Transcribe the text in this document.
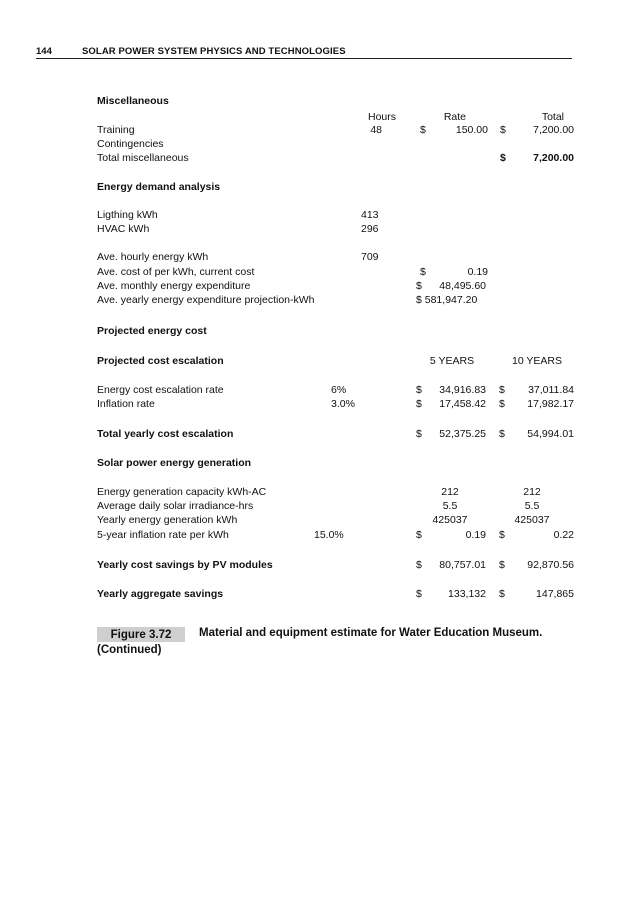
144	SOLAR POWER SYSTEM PHYSICS AND TECHNOLOGIES
Miscellaneous
Hours	Rate	Total
Training	48	$	150.00 $	7,200.00
Contingencies
Total miscellaneous	$	7,200.00
Energy demand analysis
Ligthing kWh	413
HVAC kWh	296
Ave. hourly energy kWh	709
Ave. cost of per kWh, current cost	$	0.19
Ave. monthly energy expenditure	$	48,495.60
Ave. yearly energy expenditure projection-kWh	$ 581,947.20
Projected energy cost
Projected cost escalation	5 YEARS	10 YEARS
Energy cost escalation rate	6%	$	34,916.83 $	37,011.84
Inflation rate	3.0%	$	17,458.42 $	17,982.17
Total yearly cost escalation	$	52,375.25 $	54,994.01
Solar power energy generation
Energy generation capacity kWh-AC	212	212
Average daily solar irradiance-hrs	5.5	5.5
Yearly energy generation kWh	425037	425037
5-year inflation rate per kWh	15.0%	$	0.19 $	0.22
Yearly cost savings by PV modules	$	80,757.01 $	92,870.56
Yearly aggregate savings	$	133,132 $	147,865
Figure 3.72	Material and equipment estimate for Water Education Museum.
(Continued)
